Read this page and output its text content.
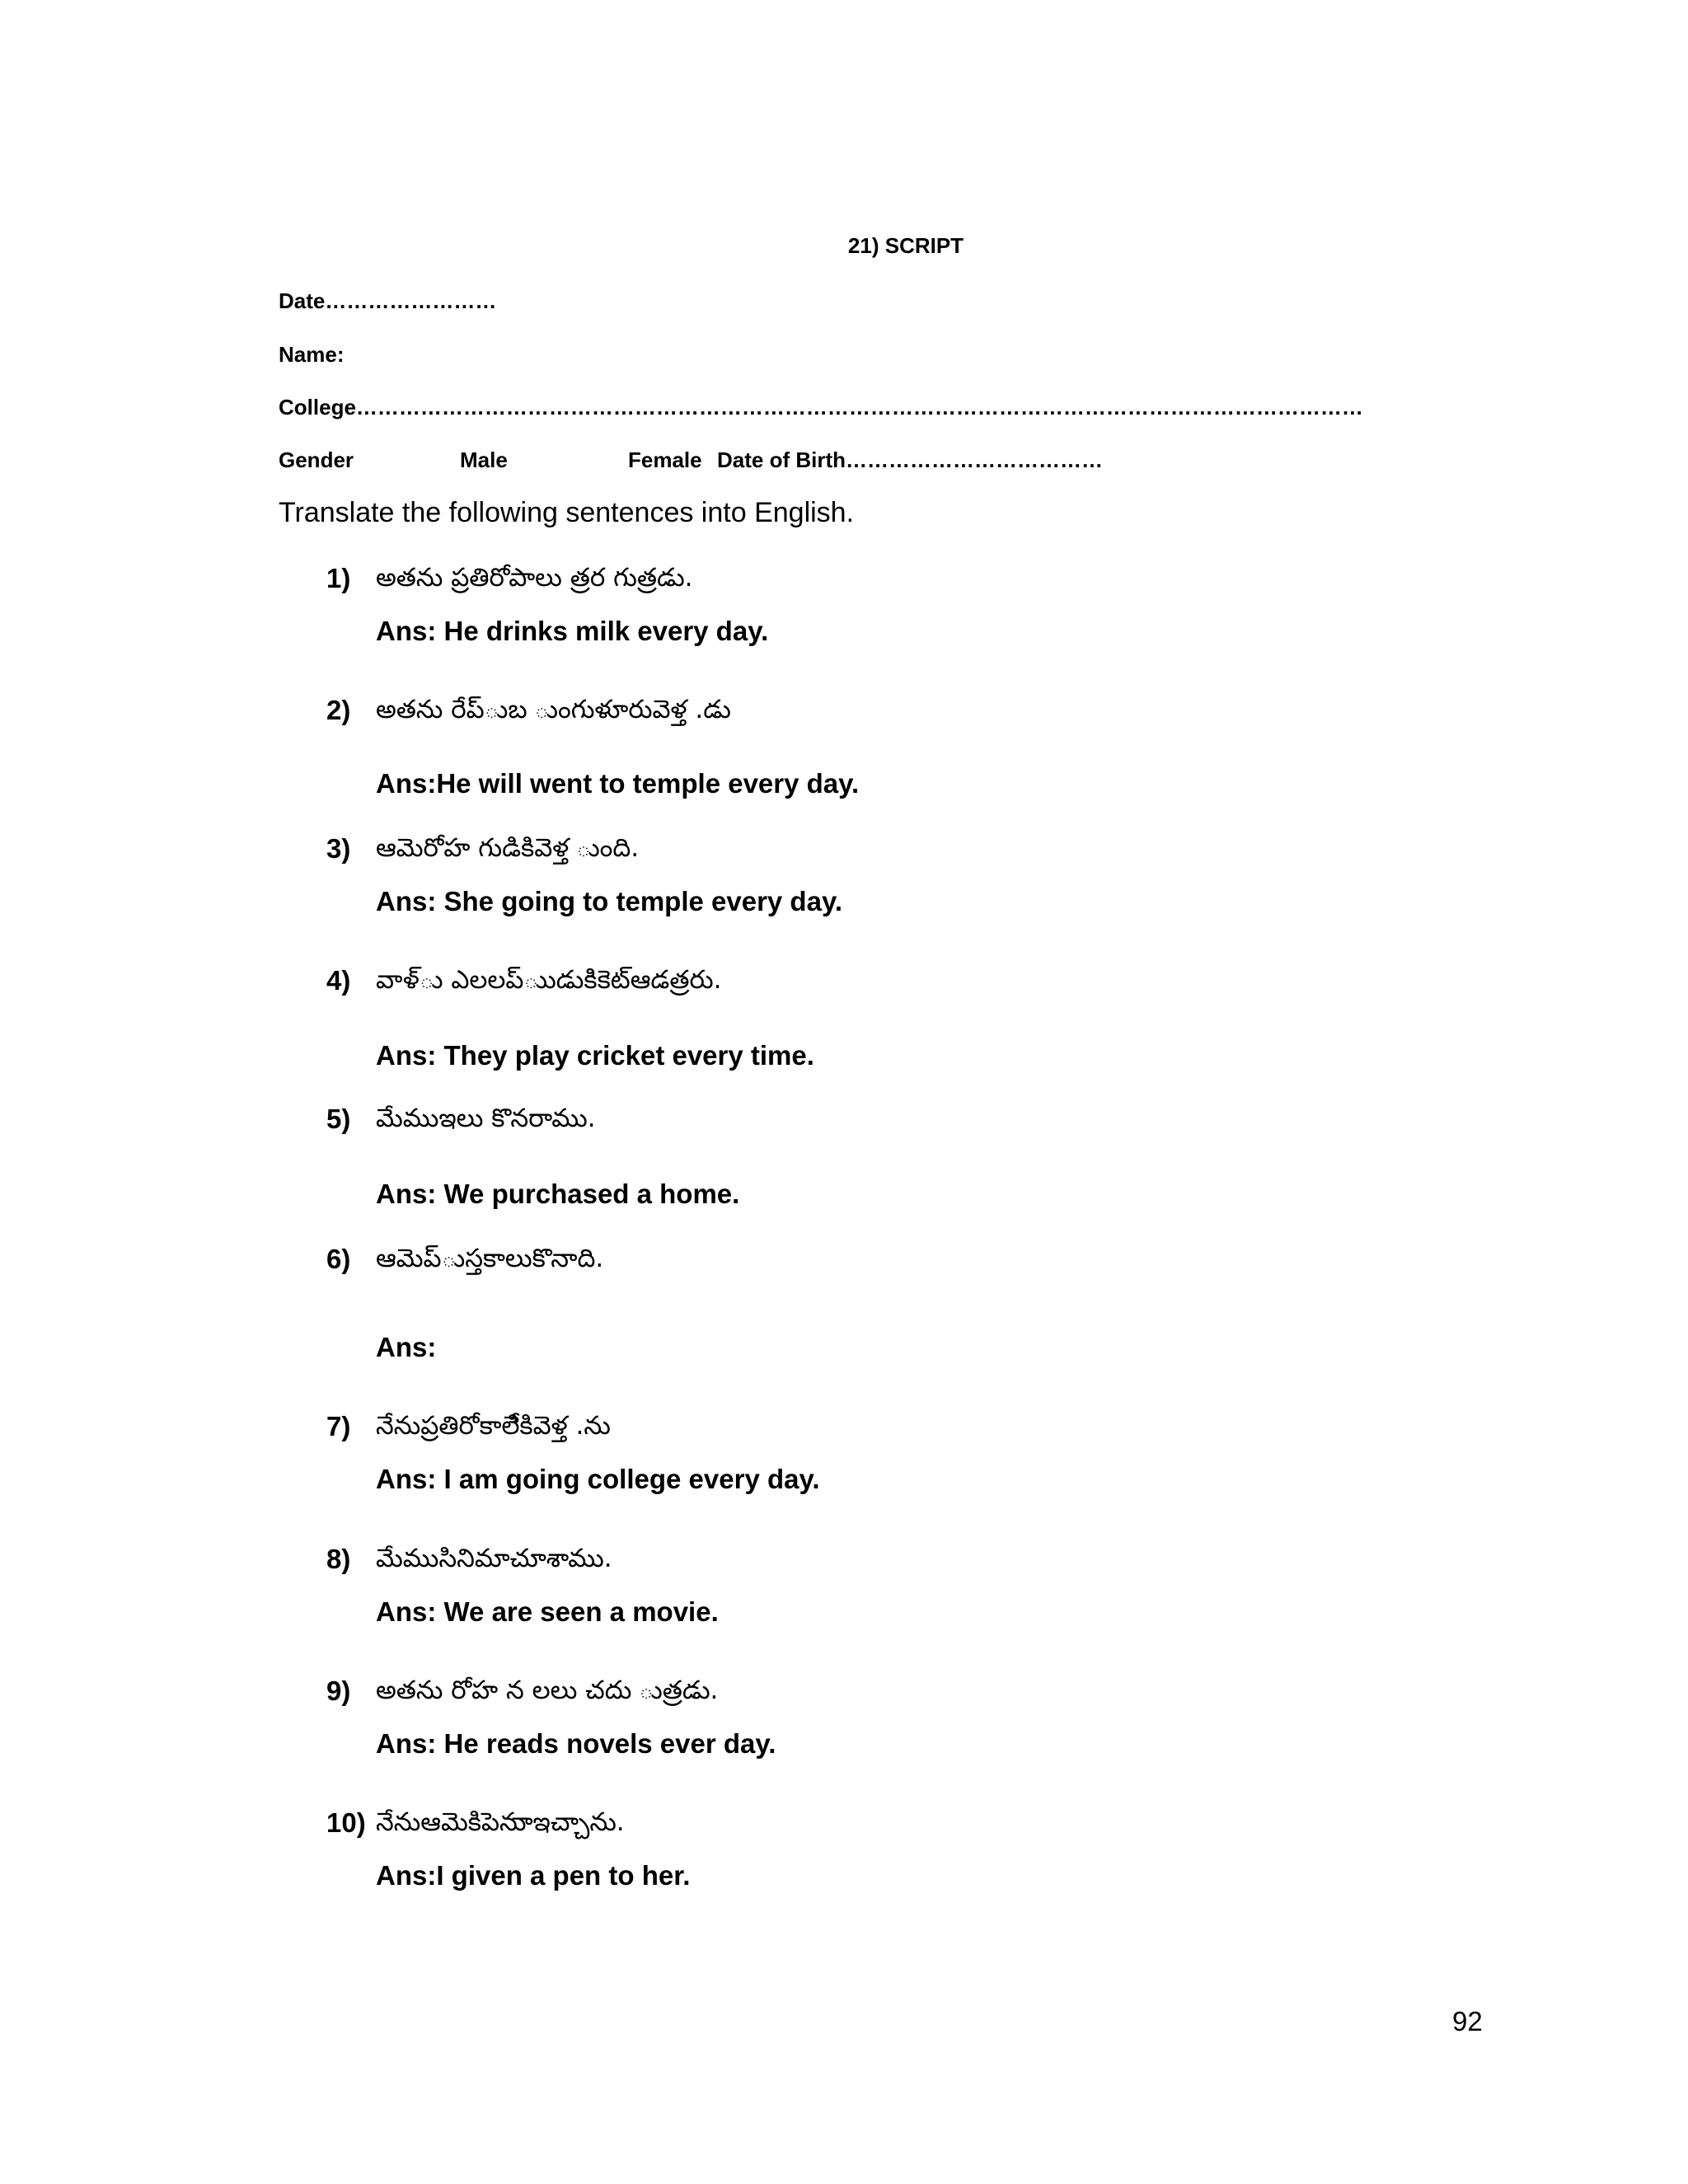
21) SCRIPT
Date……………………
Name:
College……………………………………………………………………………………………………………………………
Gender	Male	Female Date of Birth………………………………
Translate the following sentences into English.
1) అతను ప్రతిరోపాలు త్రర గుత్రడు.
Ans: He drinks milk every day.
2) అతను రేప్ుబ ుంగుళూరువెళ్త .డు
Ans:He will went to temple every day.
3) ఆమెరోహ గుడికివెళ్త ుంది.
Ans: She going to temple every day.
4) వాళ్ు ఎలలప్ుుడుకిికెట్ఆడత్రరు.
Ans: They play cricket every time.
5) మేముఇలు కొనరాము.
Ans: We purchased a home.
6) ఆమెప్ుస్తకాలుకొనాది.
Ans:
7) నేనుప్రతిరోకాలేికివెళ్త .ను
Ans: I am going college every day.
8) మేముసినిమాచూశాము.
Ans: We are seen a movie.
9) అతను రోహ న లలు చదు ుత్రడు.
Ans: He reads novels ever day.
10) నేనుఆమెకిపెనుాఇచ్చాను.
Ans:I given a pen to her.
92
